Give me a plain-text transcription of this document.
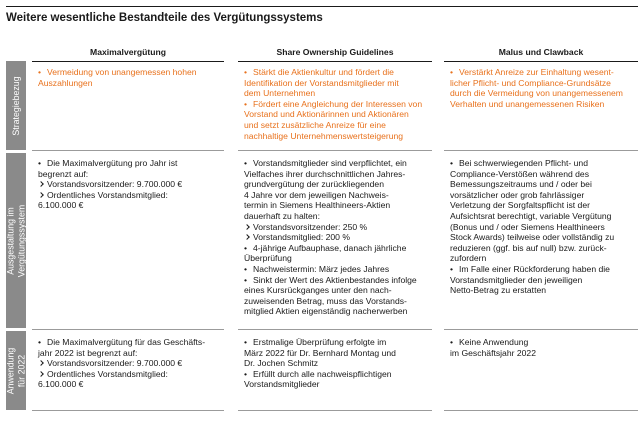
Weitere wesentliche Bestandteile des Vergütungssystems
Maximalvergütung	Share Ownership Guidelines	Malus und Clawback
Strategiebezug
Ausgestaltung im Vergütungssystem
Anwendung für 2022
• Vermeidung von unangemessen hohen
Auszahlungen
• Stärkt die Aktienkultur und fördert die
Identifikation der Vorstandsmitglieder mit
dem Unternehmen
• Fördert eine Angleichung der Interessen von
Vorstand und Aktionärinnen und Aktionären
und setzt zusätzliche Anreize für eine
nachhaltige Unternehmenswertsteigerung
• Verstärkt Anreize zur Einhaltung wesent-
licher Pflicht- und Compliance-Grundsätze
durch die Vermeidung von unangemessenem
Verhalten und unangemessenen Risiken
• Die Maximalvergütung pro Jahr ist
begrenzt auf:
Vorstandsvorsitzender: 9.700.000 €
Ordentliches Vorstandsmitglied:
6.100.000 €
• Vorstandsmitglieder sind verpflichtet, ein
Vielfaches ihrer durchschnittlichen Jahres-
grundvergütung der zurückliegenden
4 Jahre vor dem jeweiligen Nachweis-
termin in Siemens Healthineers-Aktien
dauerhaft zu halten:
Vorstandsvorsitzender: 250 %
Vorstandsmitglied: 200 %
• 4-jährige Aufbauphase, danach jährliche
Überprüfung
• Nachweistermin: März jedes Jahres
• Sinkt der Wert des Aktienbestandes infolge
eines Kursrückganges unter den nach-
zuweisenden Betrag, muss das Vorstands-
mitglied Aktien eigenständig nacherwerben
• Bei schwerwiegenden Pflicht- und
Compliance-Verstößen während des
Bemessungszeitraums und / oder bei
vorsätzlicher oder grob fahrlässiger
Verletzung der Sorgfaltspflicht ist der
Aufsichtsrat berechtigt, variable Vergütung
(Bonus und / oder Siemens Healthineers
Stock Awards) teilweise oder vollständig zu
reduzieren (ggf. bis auf null) bzw. zurück-
zufordern
• Im Falle einer Rückforderung haben die
Vorstandsmitglieder den jeweiligen
Netto-Betrag zu erstatten
• Die Maximalvergütung für das Geschäfts-
jahr 2022 ist begrenzt auf:
Vorstandsvorsitzender: 9.700.000 €
Ordentliches Vorstandsmitglied:
6.100.000 €
• Erstmalige Überprüfung erfolgte im
März 2022 für Dr. Bernhard Montag und
Dr. Jochen Schmitz
• Erfüllt durch alle nachweispflichtigen
Vorstandsmitglieder
• Keine Anwendung
im Geschäftsjahr 2022
